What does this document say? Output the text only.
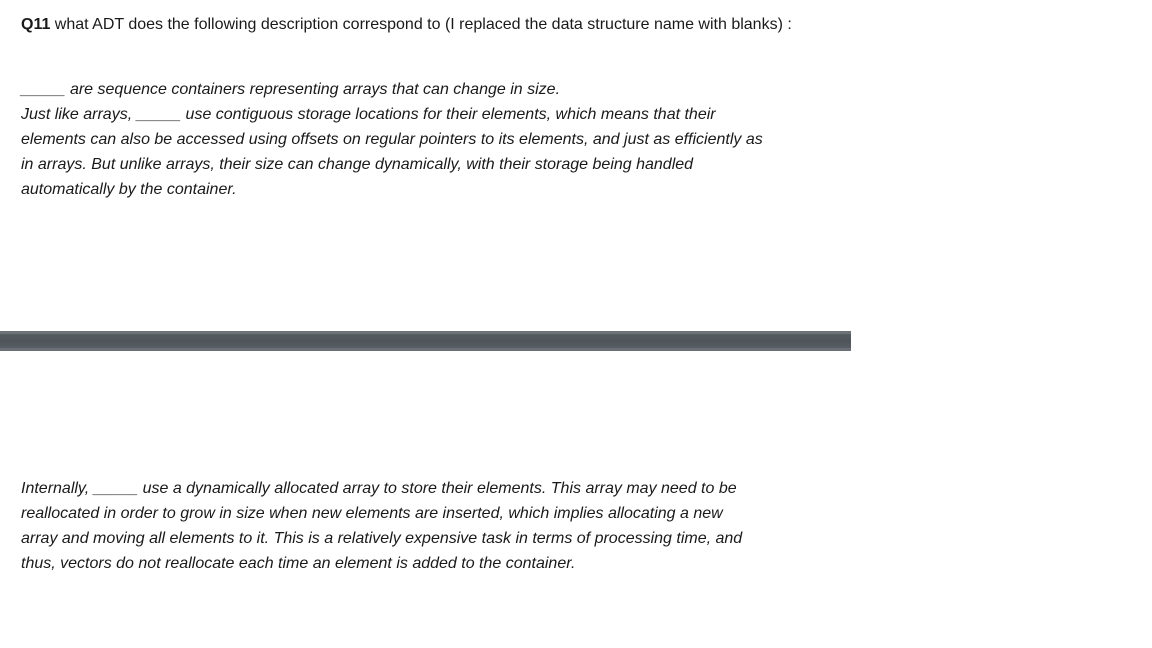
Q11 what ADT does the following description correspond to (I replaced the data structure name with blanks) :
_____ are sequence containers representing arrays that can change in size.
Just like arrays, _____ use contiguous storage locations for their elements, which means that their
elements can also be accessed using offsets on regular pointers to its elements, and just as efficiently as
in arrays. But unlike arrays, their size can change dynamically, with their storage being handled
automatically by the container.
Internally, _____ use a dynamically allocated array to store their elements. This array may need to be
reallocated in order to grow in size when new elements are inserted, which implies allocating a new
array and moving all elements to it. This is a relatively expensive task in terms of processing time, and
thus, vectors do not reallocate each time an element is added to the container.
